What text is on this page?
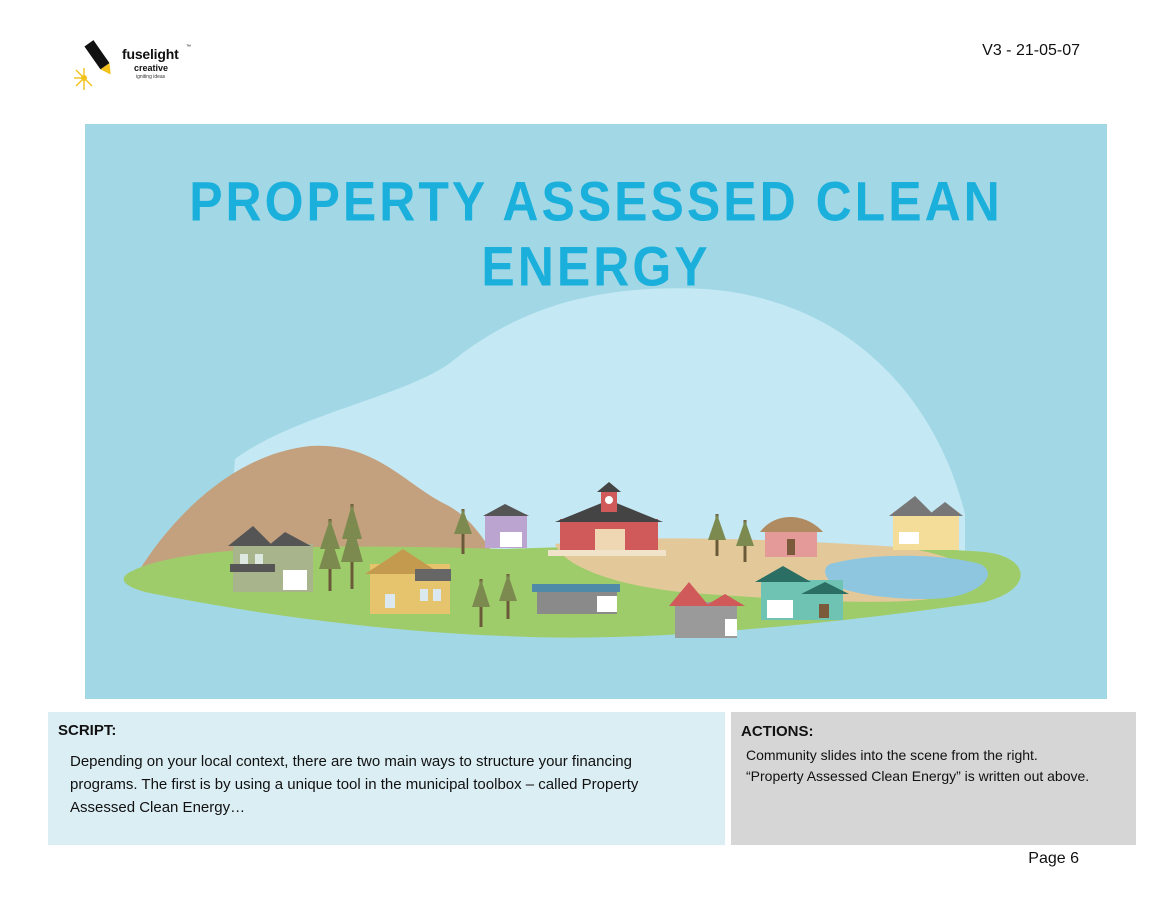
fuselight ™
creative
igniting ideas
V3 - 21-05-07
PROPERTY ASSESSED CLEAN ENERGY
SCRIPT:
Depending on your local context, there are two main ways to structure your financing programs. The first is by using a unique tool in the municipal toolbox – called Property Assessed Clean Energy…
ACTIONS:
Community slides into the scene from the right.
“Property Assessed Clean Energy” is written out above.
Page 6
